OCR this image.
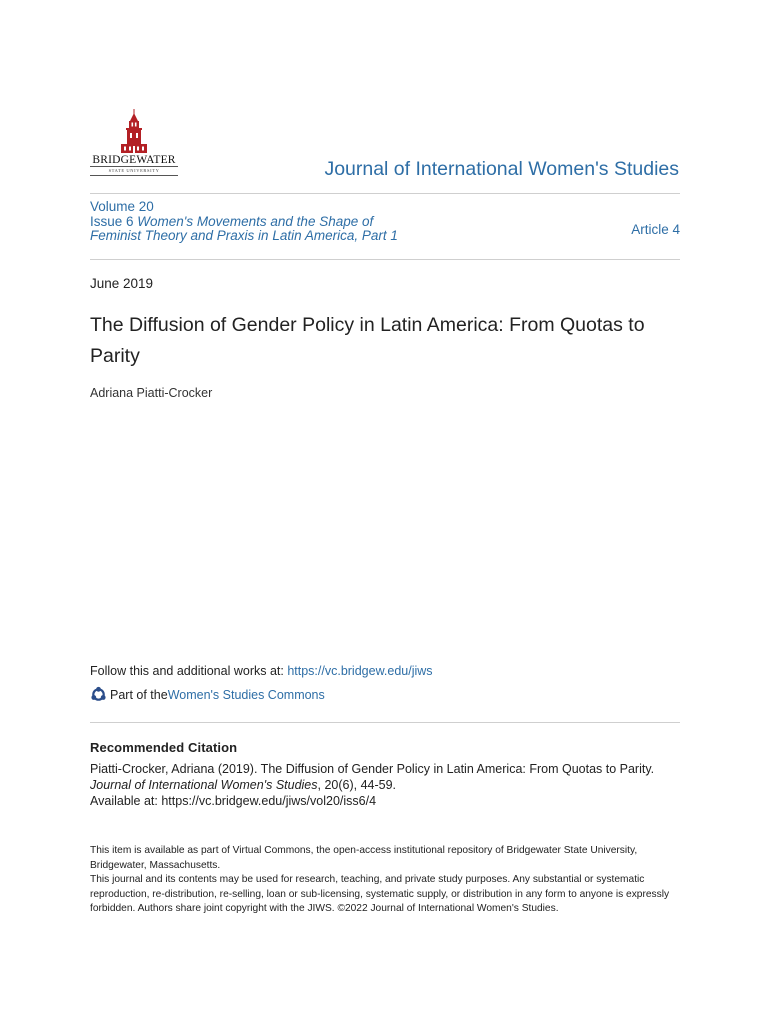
BRIDGEWATER
STATE UNIVERSITY	Journal of International Women's Studies
Volume 20
Issue 6 Women's Movements and the Shape of Feminist Theory and Praxis in Latin America, Part 1	Article 4
June 2019
The Diffusion of Gender Policy in Latin America: From Quotas to Parity
Adriana Piatti-Crocker
Follow this and additional works at: https://vc.bridgew.edu/jiws
Part of the Women's Studies Commons
Recommended Citation
Piatti-Crocker, Adriana (2019). The Diffusion of Gender Policy in Latin America: From Quotas to Parity.
Journal of International Women's Studies, 20(6), 44-59.
Available at: https://vc.bridgew.edu/jiws/vol20/iss6/4

This item is available as part of Virtual Commons, the open-access institutional repository of Bridgewater State University, Bridgewater, Massachusetts.

This journal and its contents may be used for research, teaching, and private study purposes. Any substantial or systematic reproduction, re-distribution, re-selling, loan or sub-licensing, systematic supply, or distribution in any form to anyone is expressly forbidden. Authors share joint copyright with the JIWS. ©2022 Journal of International Women's Studies.
